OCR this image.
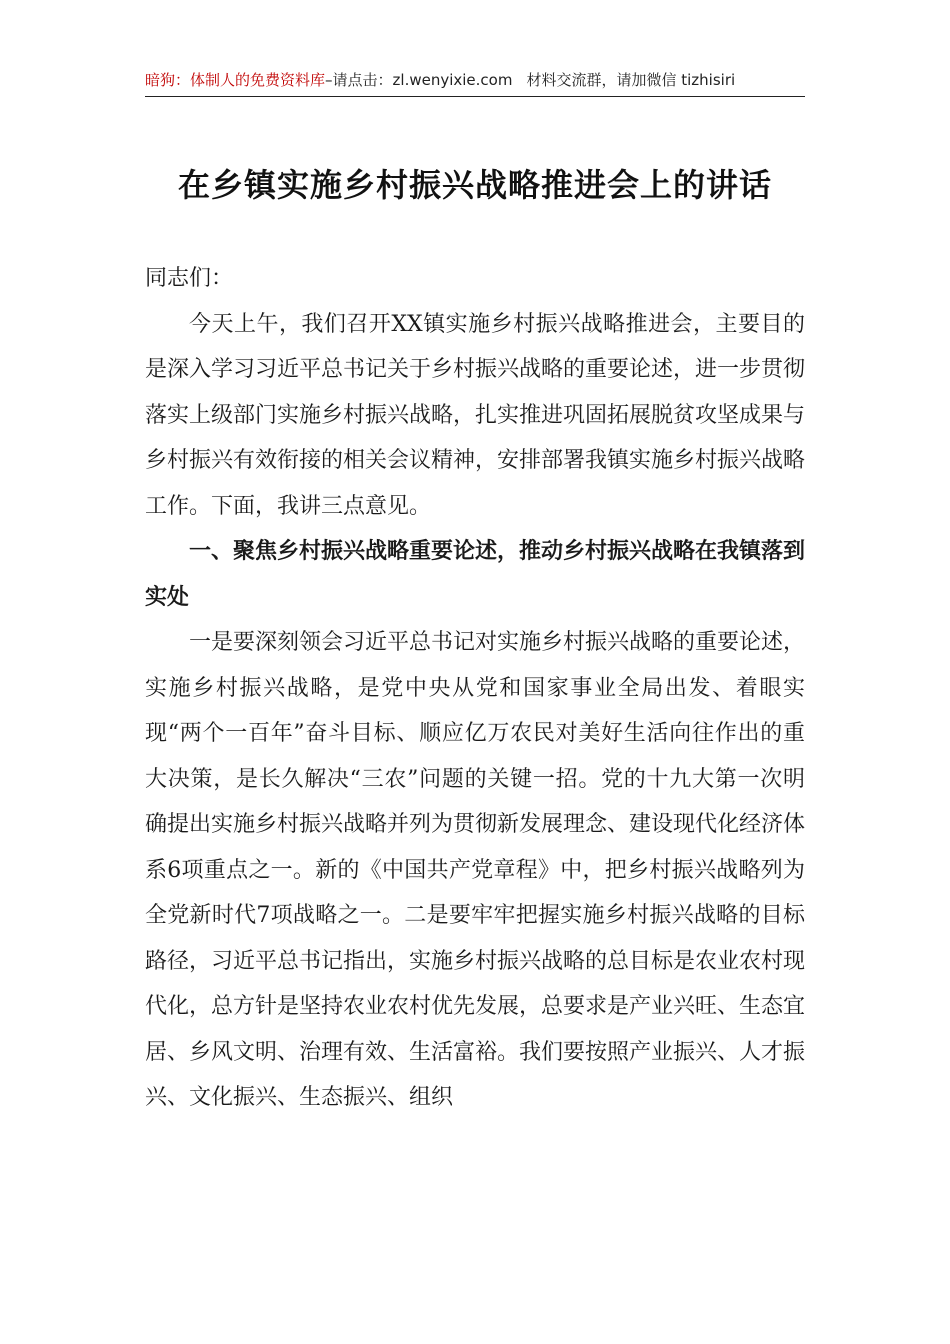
暗狗：体制人的免费资料库–请点击：zl.wenyixie.com 材料交流群，请加微信 tizhisiri
在乡镇实施乡村振兴战略推进会上的讲话

同志们：

今天上午，我们召开XX镇实施乡村振兴战略推进会，主要目的是深入学习习近平总书记关于乡村振兴战略的重要论述，进一步贯彻落实上级部门实施乡村振兴战略，扎实推进巩固拓展脱贫攻坚成果与乡村振兴有效衔接的相关会议精神，安排部署我镇实施乡村振兴战略工作。下面，我讲三点意见。

一、聚焦乡村振兴战略重要论述，推动乡村振兴战略在我镇落到实处

一是要深刻领会习近平总书记对实施乡村振兴战略的重要论述，实施乡村振兴战略，是党中央从党和国家事业全局出发、着眼实现“两个一百年”奋斗目标、顺应亿万农民对美好生活向往作出的重大决策，是长久解决“三农”问题的关键一招。党的十九大第一次明确提出实施乡村振兴战略并列为贯彻新发展理念、建设现代化经济体系6项重点之一。新的《中国共产党章程》中，把乡村振兴战略列为全党新时代7项战略之一。二是要牢牢把握实施乡村振兴战略的目标路径，习近平总书记指出，实施乡村振兴战略的总目标是农业农村现代化，总方针是坚持农业农村优先发展，总要求是产业兴旺、生态宜居、乡风文明、治理有效、生活富裕。我们要按照产业振兴、人才振兴、文化振兴、生态振兴、组织
